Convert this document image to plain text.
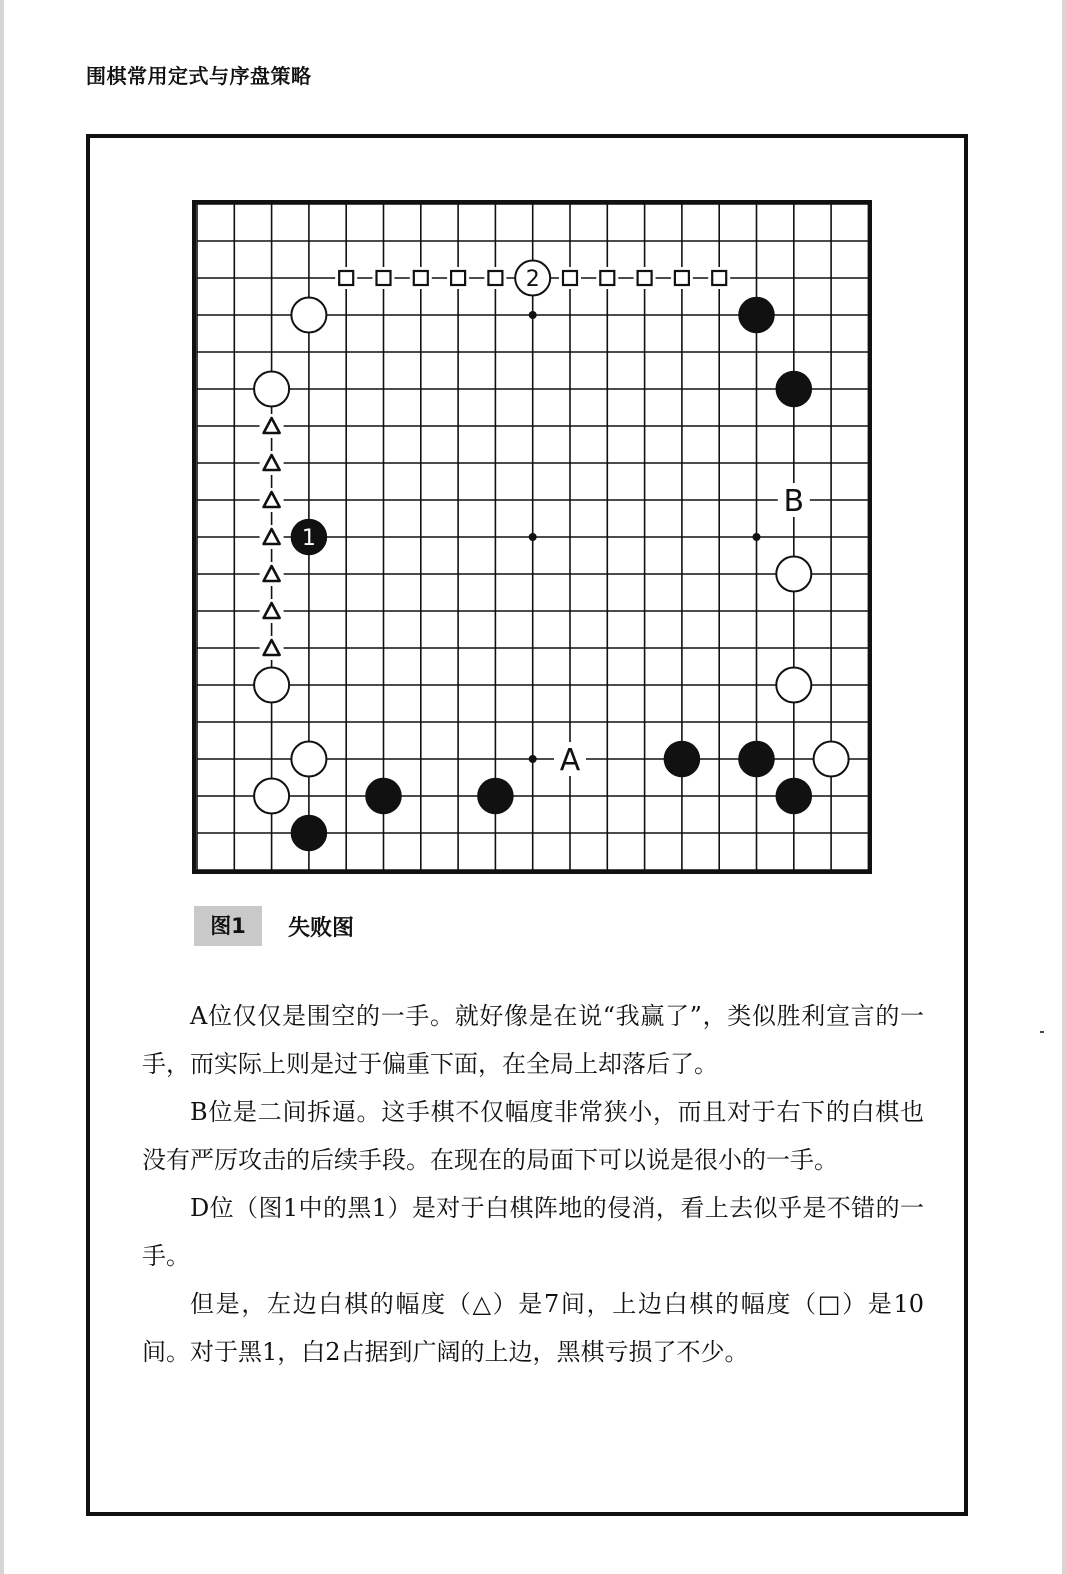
围棋常用定式与序盘策略
A
B
2
1
图1	失败图

A位仅仅是围空的一手。就好像是在说“我赢了”，类似胜利宣言的一手，而实际上则是过于偏重下面，在全局上却落后了。

B位是二间拆逼。这手棋不仅幅度非常狭小，而且对于右下的白棋也没有严厉攻击的后续手段。在现在的局面下可以说是很小的一手。

D位（图1中的黑1）是对于白棋阵地的侵消，看上去似乎是不错的一手。

但是，左边白棋的幅度（△）是7间，上边白棋的幅度（□）是10间。对于黑1，白2占据到广阔的上边，黑棋亏损了不少。
